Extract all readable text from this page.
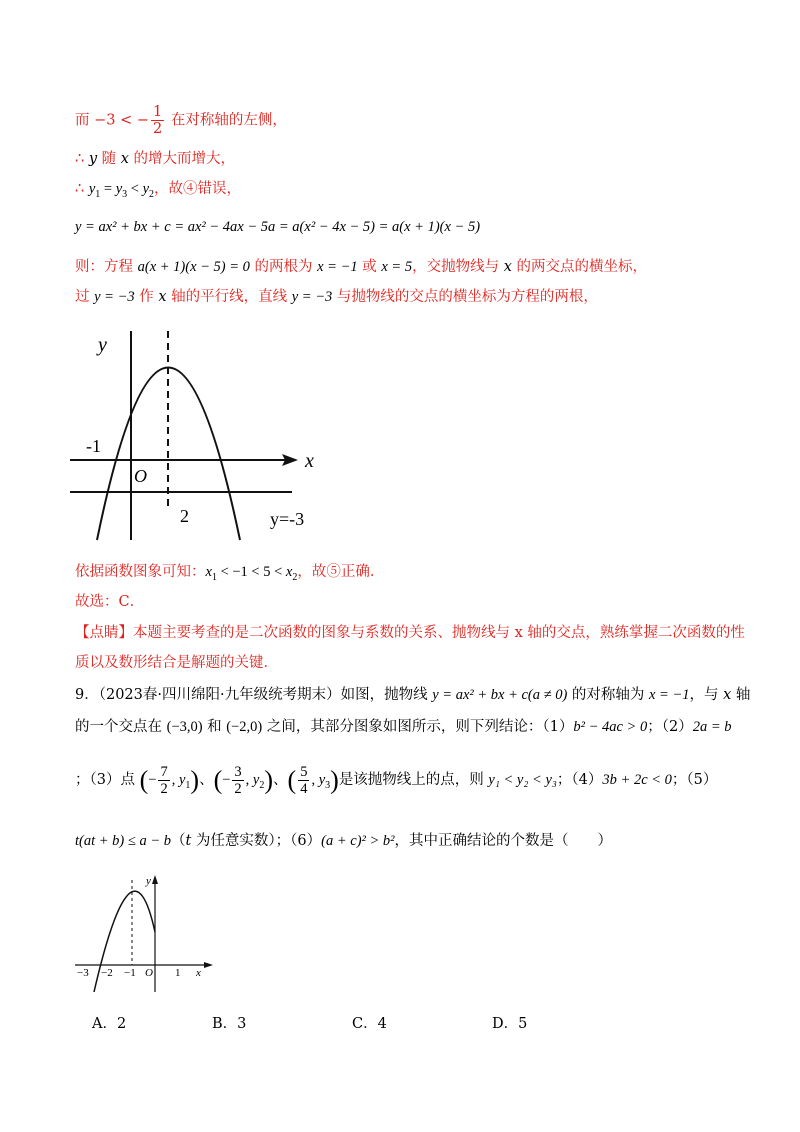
而 −3 < − $\frac{1}{2}$ 在对称轴的左侧，
∴ y 随 x 的增大而增大，
∴ $y_1 = y_3 < y_2$，故④错误，
y = ax² + bx + c = ax² − 4ax − 5a = a(x² − 4x − 5) = a(x + 1)(x − 5)
则：方程 a(x + 1)(x − 5) = 0 的两根为 x = −1 或 x = 5，交抛物线与 x 的两交点的横坐标，
过 y = −3 作 x 轴的平行线，直线 y = −3 与抛物线的交点的横坐标为方程的两根，
y
x
O
-1
2	y=-3
依据函数图象可知：$x_1 < -1 < 5 < x_2$，故⑤正确．
故选：C．
【点睛】本题主要考查的是二次函数的图象与系数的关系、抛物线与 x 轴的交点，熟练掌握二次函数的性
质以及数形结合是解题的关键．
9．（2023春·四川绵阳·九年级统考期末）如图，抛物线 y = ax² + bx + c(a ≠ 0) 的对称轴为 x = −1，与 x 轴
的一个交点在 (−3,0) 和 (−2,0) 之间，其部分图象如图所示，则下列结论：（1）b² − 4ac > 0；（2）2a = b
；（3）点 (− $\frac{7}{2}$ , $y_1$)、(− $\frac{3}{2}$ , $y_2$)、( $\frac{5}{4}$ , $y_3$)是该抛物线上的点，则 y₁ < y₂ < y₃；（4）3b + 2c < 0；（5）
t(at + b) ≤ a − b（t 为任意实数）；（6）(a + c)² > b²，其中正确结论的个数是（　　）
y
x
O
−3 −2 −1	1
A．2	B．3	C．4	D．5
